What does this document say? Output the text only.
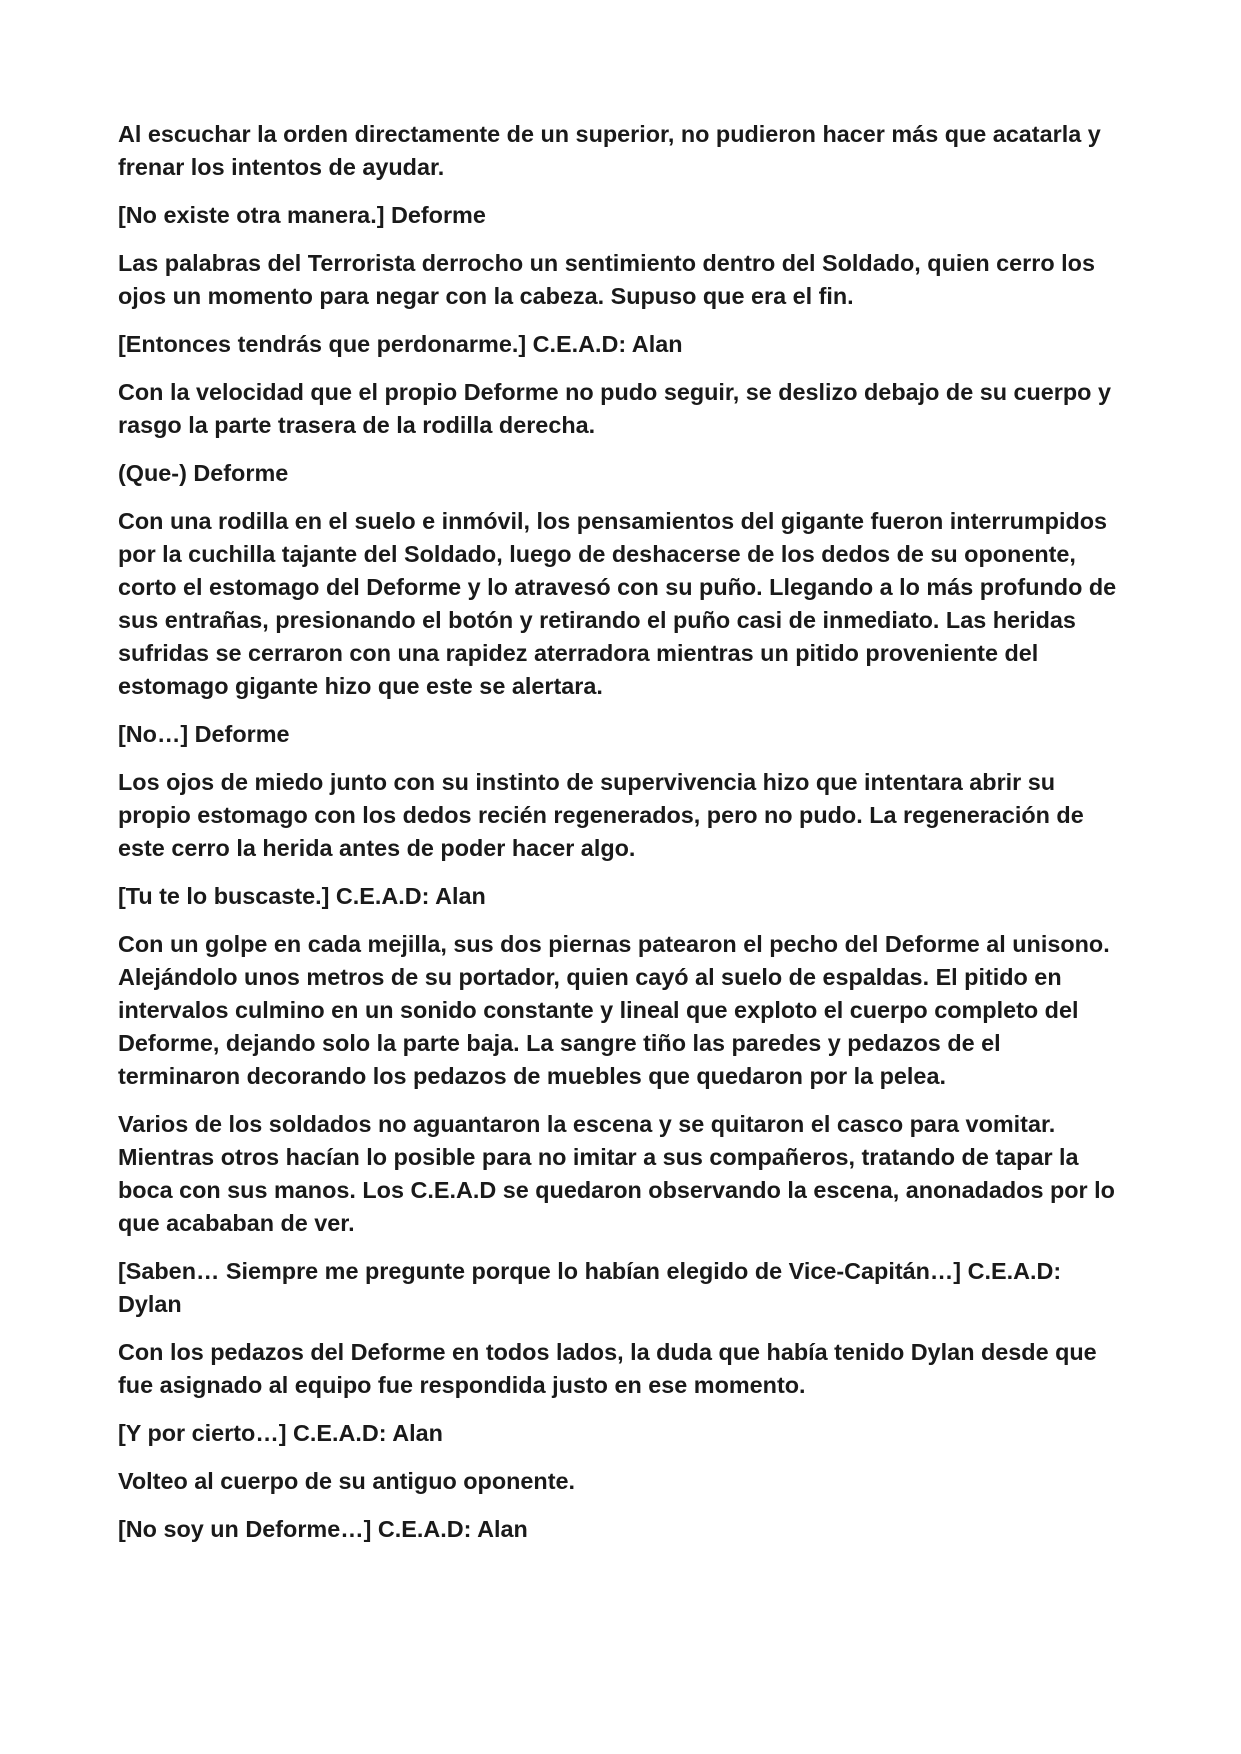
Al escuchar la orden directamente de un superior, no pudieron hacer más que acatarla y frenar los intentos de ayudar.

[No existe otra manera.] Deforme

Las palabras del Terrorista derrocho un sentimiento dentro del Soldado, quien cerro los ojos un momento para negar con la cabeza. Supuso que era el fin.

[Entonces tendrás que perdonarme.] C.E.A.D: Alan

Con la velocidad que el propio Deforme no pudo seguir, se deslizo debajo de su cuerpo y rasgo la parte trasera de la rodilla derecha.

(Que-) Deforme

Con una rodilla en el suelo e inmóvil, los pensamientos del gigante fueron interrumpidos por la cuchilla tajante del Soldado, luego de deshacerse de los dedos de su oponente, corto el estomago del Deforme y lo atravesó con su puño. Llegando a lo más profundo de sus entrañas, presionando el botón y retirando el puño casi de inmediato. Las heridas sufridas se cerraron con una rapidez aterradora mientras un pitido proveniente del estomago gigante hizo que este se alertara.

[No…] Deforme

Los ojos de miedo junto con su instinto de supervivencia hizo que intentara abrir su propio estomago con los dedos recién regenerados, pero no pudo. La regeneración de este cerro la herida antes de poder hacer algo.

[Tu te lo buscaste.] C.E.A.D: Alan

Con un golpe en cada mejilla, sus dos piernas patearon el pecho del Deforme al unisono. Alejándolo unos metros de su portador, quien cayó al suelo de espaldas. El pitido en intervalos culmino en un sonido constante y lineal que exploto el cuerpo completo del Deforme, dejando solo la parte baja. La sangre tiño las paredes y pedazos de el terminaron decorando los pedazos de muebles que quedaron por la pelea.

Varios de los soldados no aguantaron la escena y se quitaron el casco para vomitar. Mientras otros hacían lo posible para no imitar a sus compañeros, tratando de tapar la boca con sus manos. Los C.E.A.D se quedaron observando la escena, anonadados por lo que acababan de ver.

[Saben… Siempre me pregunte porque lo habían elegido de Vice-Capitán…] C.E.A.D: Dylan

Con los pedazos del Deforme en todos lados, la duda que había tenido Dylan desde que fue asignado al equipo fue respondida justo en ese momento.

[Y por cierto…] C.E.A.D: Alan

Volteo al cuerpo de su antiguo oponente.

[No soy un Deforme…] C.E.A.D: Alan
